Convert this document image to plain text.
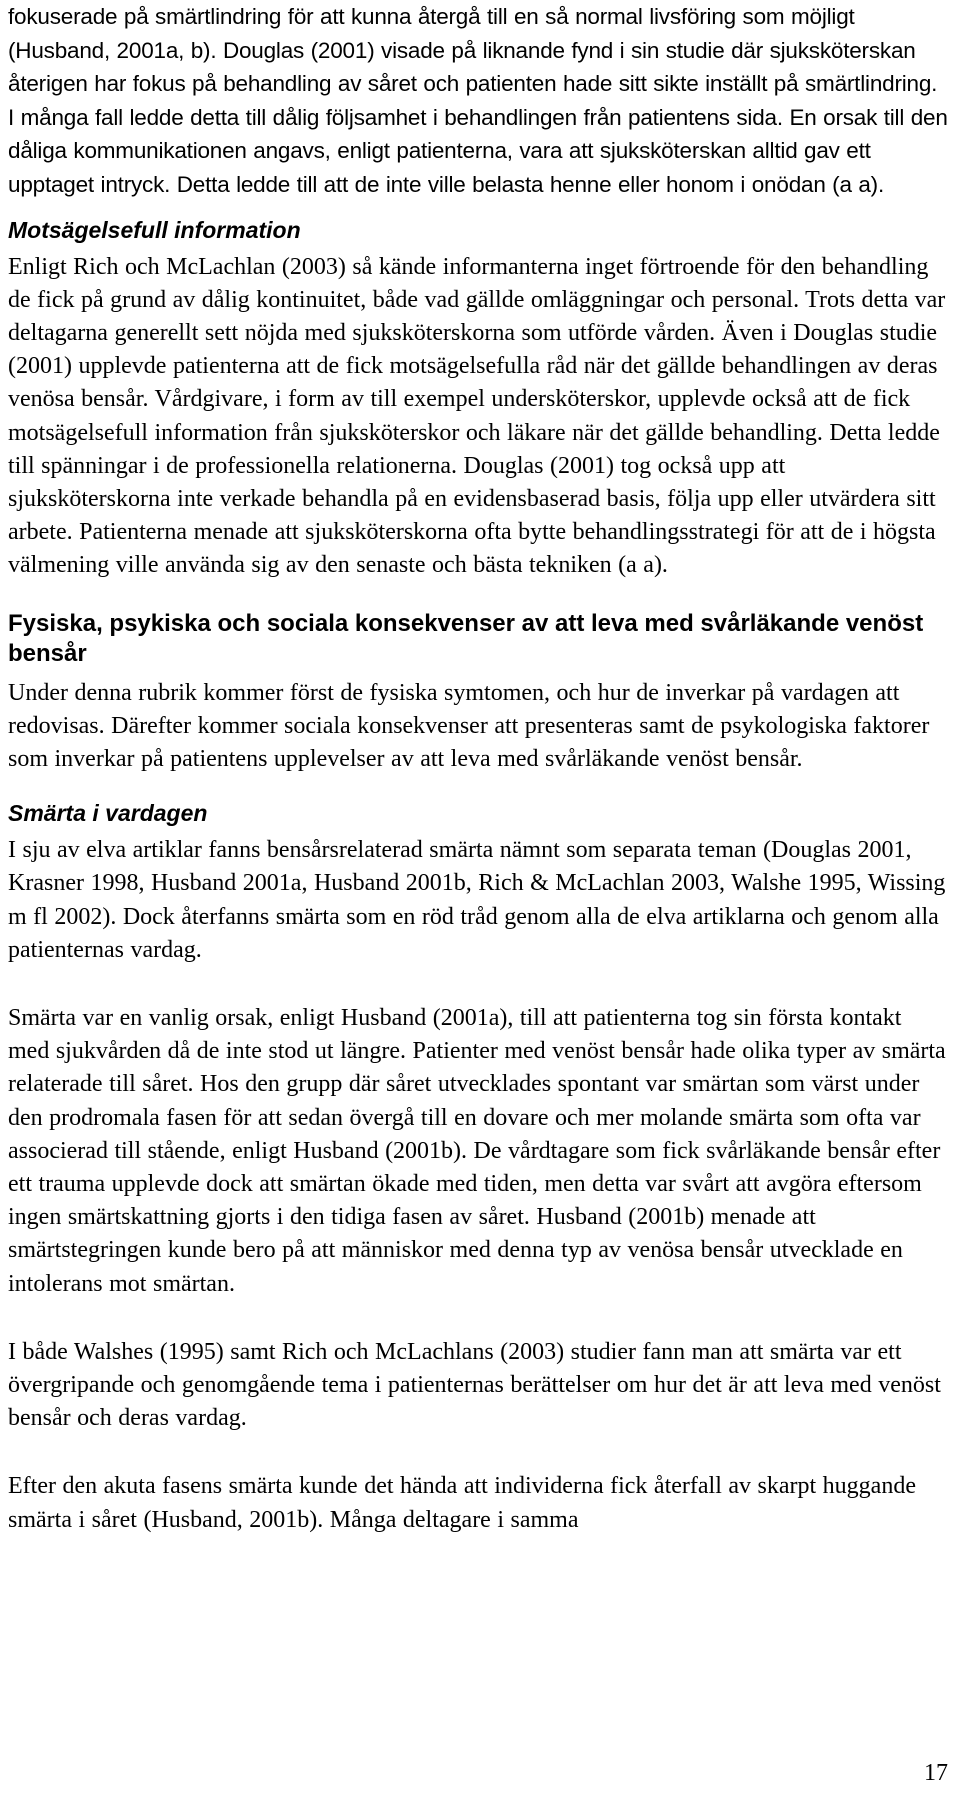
fokuserade på smärtlindring för att kunna återgå till en så normal livsföring som möjligt (Husband, 2001a, b). Douglas (2001) visade på liknande fynd i sin studie där sjuksköterskan återigen har fokus på behandling av såret och patienten hade sitt sikte inställt på smärtlindring. I många fall ledde detta till dålig följsamhet i behandlingen från patientens sida. En orsak till den dåliga kommunikationen angavs, enligt patienterna, vara att sjuksköterskan alltid gav ett upptaget intryck. Detta ledde till att de inte ville belasta henne eller honom i onödan (a a).

Motsägelsefull information

Enligt Rich och McLachlan (2003) så kände informanterna inget förtroende för den behandling de fick på grund av dålig kontinuitet, både vad gällde omläggningar och personal. Trots detta var deltagarna generellt sett nöjda med sjuksköterskorna som utförde vården. Även i Douglas studie (2001) upplevde patienterna att de fick motsägelsefulla råd när det gällde behandlingen av deras venösa bensår. Vårdgivare, i form av till exempel undersköterskor, upplevde också att de fick motsägelsefull information från sjuksköterskor och läkare när det gällde behandling. Detta ledde till spänningar i de professionella relationerna. Douglas (2001) tog också upp att sjuksköterskorna inte verkade behandla på en evidensbaserad basis, följa upp eller utvärdera sitt arbete. Patienterna menade att sjuksköterskorna ofta bytte behandlingsstrategi för att de i högsta välmening ville använda sig av den senaste och bästa tekniken (a a).

Fysiska, psykiska och sociala konsekvenser av att leva med svårläkande venöst bensår

Under denna rubrik kommer först de fysiska symtomen, och hur de inverkar på vardagen att redovisas. Därefter kommer sociala konsekvenser att presenteras samt de psykologiska faktorer som inverkar på patientens upplevelser av att leva med svårläkande venöst bensår.

Smärta i vardagen

I sju av elva artiklar fanns bensårsrelaterad smärta nämnt som separata teman (Douglas 2001, Krasner 1998, Husband 2001a, Husband 2001b, Rich & McLachlan 2003, Walshe 1995, Wissing m fl 2002). Dock återfanns smärta som en röd tråd genom alla de elva artiklarna och genom alla patienternas vardag.

Smärta var en vanlig orsak, enligt Husband (2001a), till att patienterna tog sin första kontakt med sjukvården då de inte stod ut längre. Patienter med venöst bensår hade olika typer av smärta relaterade till såret. Hos den grupp där såret utvecklades spontant var smärtan som värst under den prodromala fasen för att sedan övergå till en dovare och mer molande smärta som ofta var associerad till stående, enligt Husband (2001b). De vårdtagare som fick svårläkande bensår efter ett trauma upplevde dock att smärtan ökade med tiden, men detta var svårt att avgöra eftersom ingen smärtskattning gjorts i den tidiga fasen av såret. Husband (2001b) menade att smärtstegringen kunde bero på att människor med denna typ av venösa bensår utvecklade en intolerans mot smärtan.

I både Walshes (1995) samt Rich och McLachlans (2003) studier fann man att smärta var ett övergripande och genomgående tema i patienternas berättelser om hur det är att leva med venöst bensår och deras vardag.

Efter den akuta fasens smärta kunde det hända att individerna fick återfall av skarpt huggande smärta i såret (Husband, 2001b). Många deltagare i samma

17
